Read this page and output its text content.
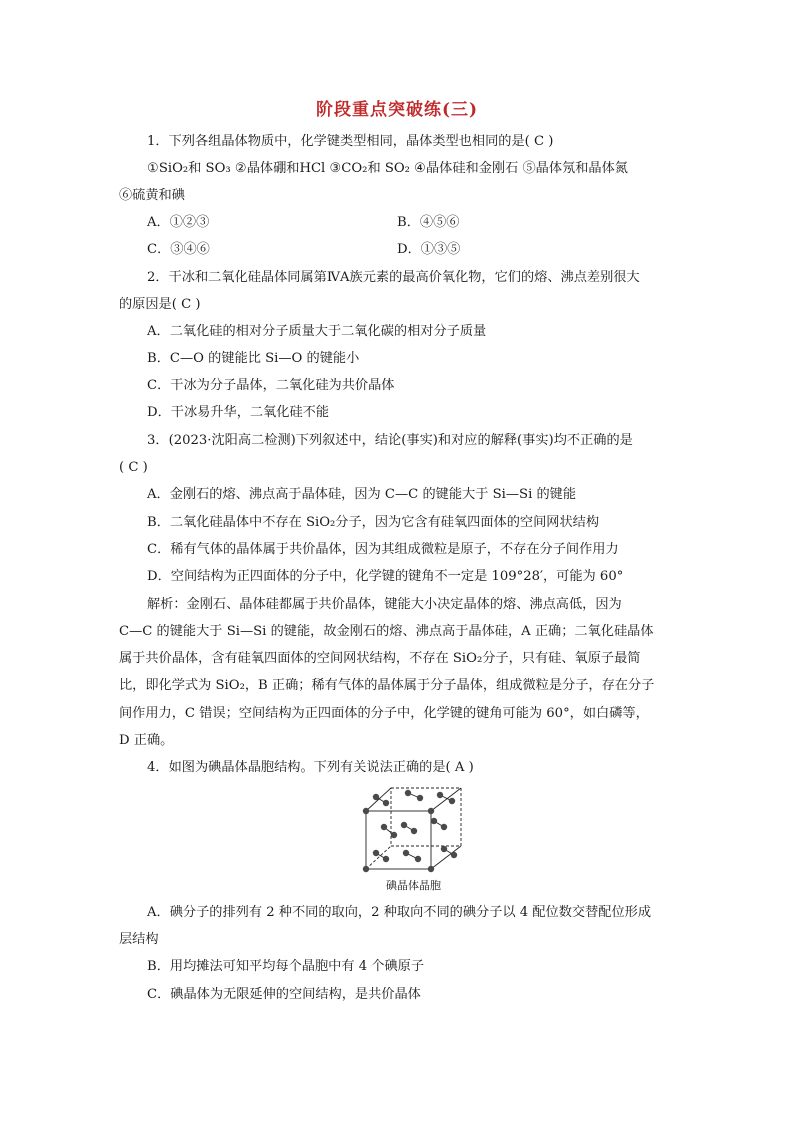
阶段重点突破练(三)
1．下列各组晶体物质中，化学键类型相同，晶体类型也相同的是( C )
①SiO₂和 SO₃ ②晶体硼和HCl ③CO₂和 SO₂ ④晶体硅和金刚石 ⑤晶体氖和晶体氮
⑥硫黄和碘
A．①②③	B．④⑤⑥
C．③④⑥	D．①③⑤
2．干冰和二氧化硅晶体同属第ⅣA族元素的最高价氧化物，它们的熔、沸点差别很大
的原因是( C )
A．二氧化硅的相对分子质量大于二氧化碳的相对分子质量
B．C—O 的键能比 Si—O 的键能小
C．干冰为分子晶体，二氧化硅为共价晶体
D．干冰易升华，二氧化硅不能
3．(2023·沈阳高二检测)下列叙述中，结论(事实)和对应的解释(事实)均不正确的是
( C )
A．金刚石的熔、沸点高于晶体硅，因为 C—C 的键能大于 Si—Si 的键能
B．二氧化硅晶体中不存在 SiO₂分子，因为它含有硅氧四面体的空间网状结构
C．稀有气体的晶体属于共价晶体，因为其组成微粒是原子，不存在分子间作用力
D．空间结构为正四面体的分子中，化学键的键角不一定是 109°28′，可能为 60°
解析：金刚石、晶体硅都属于共价晶体，键能大小决定晶体的熔、沸点高低，因为
C—C 的键能大于 Si—Si 的键能，故金刚石的熔、沸点高于晶体硅，A 正确；二氧化硅晶体
属于共价晶体，含有硅氧四面体的空间网状结构，不存在 SiO₂分子，只有硅、氧原子最简
比，即化学式为 SiO₂，B 正确；稀有气体的晶体属于分子晶体，组成微粒是分子，存在分子
间作用力，C 错误；空间结构为正四面体的分子中，化学键的键角可能为 60°，如白磷等，
D 正确。
4．如图为碘晶体晶胞结构。下列有关说法正确的是( A )
碘晶体晶胞
A．碘分子的排列有 2 种不同的取向，2 种取向不同的碘分子以 4 配位数交替配位形成
层结构
B．用均摊法可知平均每个晶胞中有 4 个碘原子
C．碘晶体为无限延伸的空间结构，是共价晶体
